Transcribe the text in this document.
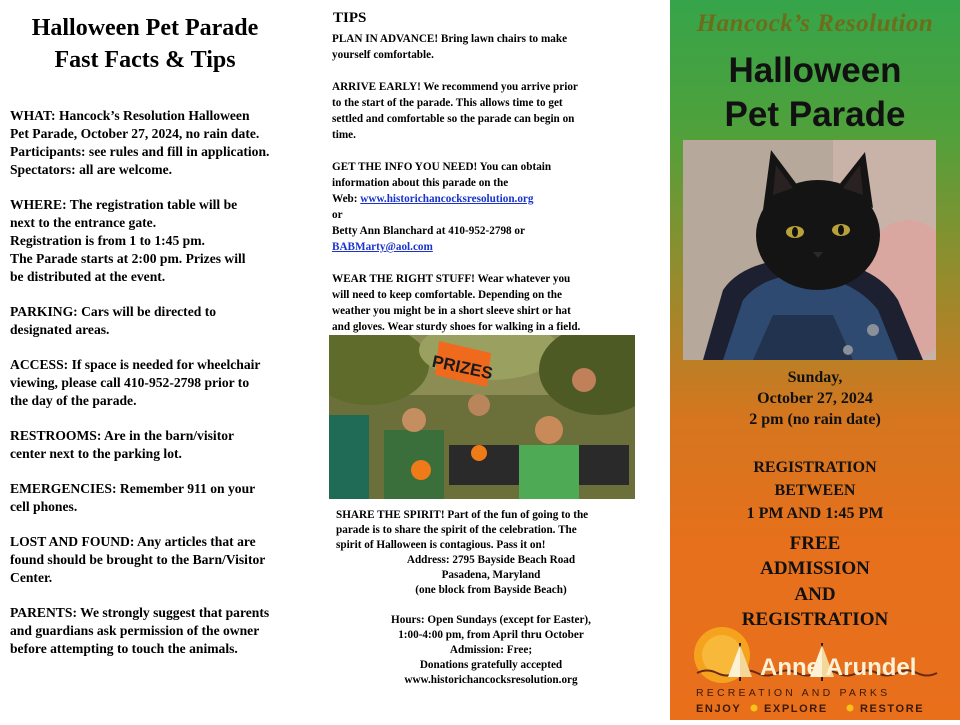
Halloween Pet Parade
Fast Facts & Tips
WHAT: Hancock’s Resolution Halloween
Pet Parade, October 27, 2024, no rain date.
Participants: see rules and fill in application.
Spectators: all are welcome.
WHERE: The registration table will be
next to the entrance gate.
Registration is from 1 to 1:45 pm.
The Parade starts at 2:00 pm. Prizes will
be distributed at the event.
PARKING: Cars will be directed to
designated areas.
ACCESS: If space is needed for wheelchair
viewing, please call 410-952-2798 prior to
the day of the parade.
RESTROOMS: Are in the barn/visitor
center next to the parking lot.
EMERGENCIES: Remember 911 on your
cell phones.
LOST AND FOUND: Any articles that are
found should be brought to the Barn/Visitor
Center.
PARENTS: We strongly suggest that parents
and guardians ask permission of the owner
before attempting to touch the animals.
TIPS
PLAN IN ADVANCE! Bring lawn chairs to make
yourself comfortable.
ARRIVE EARLY! We recommend you arrive prior
to the start of the parade. This allows time to get
settled and comfortable so the parade can begin on
time.
GET THE INFO YOU NEED! You can obtain
information about this parade on the
Web: www.historichancocksresolution.org
or
Betty Ann Blanchard at 410-952-2798 or
BABMarty@aol.com
WEAR THE RIGHT STUFF! Wear whatever you
will need to keep comfortable. Depending on the
weather you might be in a short sleeve shirt or hat
and gloves. Wear sturdy shoes for walking in a field.
PRIZES
SHARE THE SPIRIT! Part of the fun of going to the
parade is to share the spirit of the celebration. The
spirit of Halloween is contagious. Pass it on!
Address: 2795 Bayside Beach Road
Pasadena, Maryland
(one block from Bayside Beach)
Hours: Open Sundays (except for Easter),
1:00-4:00 pm, from April thru October
Admission: Free;
Donations gratefully accepted
www.historichancocksresolution.org
Hancock’s Resolution
Halloween
Pet Parade
Sunday,
October 27, 2024
2 pm (no rain date)
REGISTRATION
BETWEEN
1 PM AND 1:45 PM
FREE
ADMISSION
AND
REGISTRATION
Anne Arundel
RECREATION AND PARKS
ENJOY EXPLORE	RESTORE
